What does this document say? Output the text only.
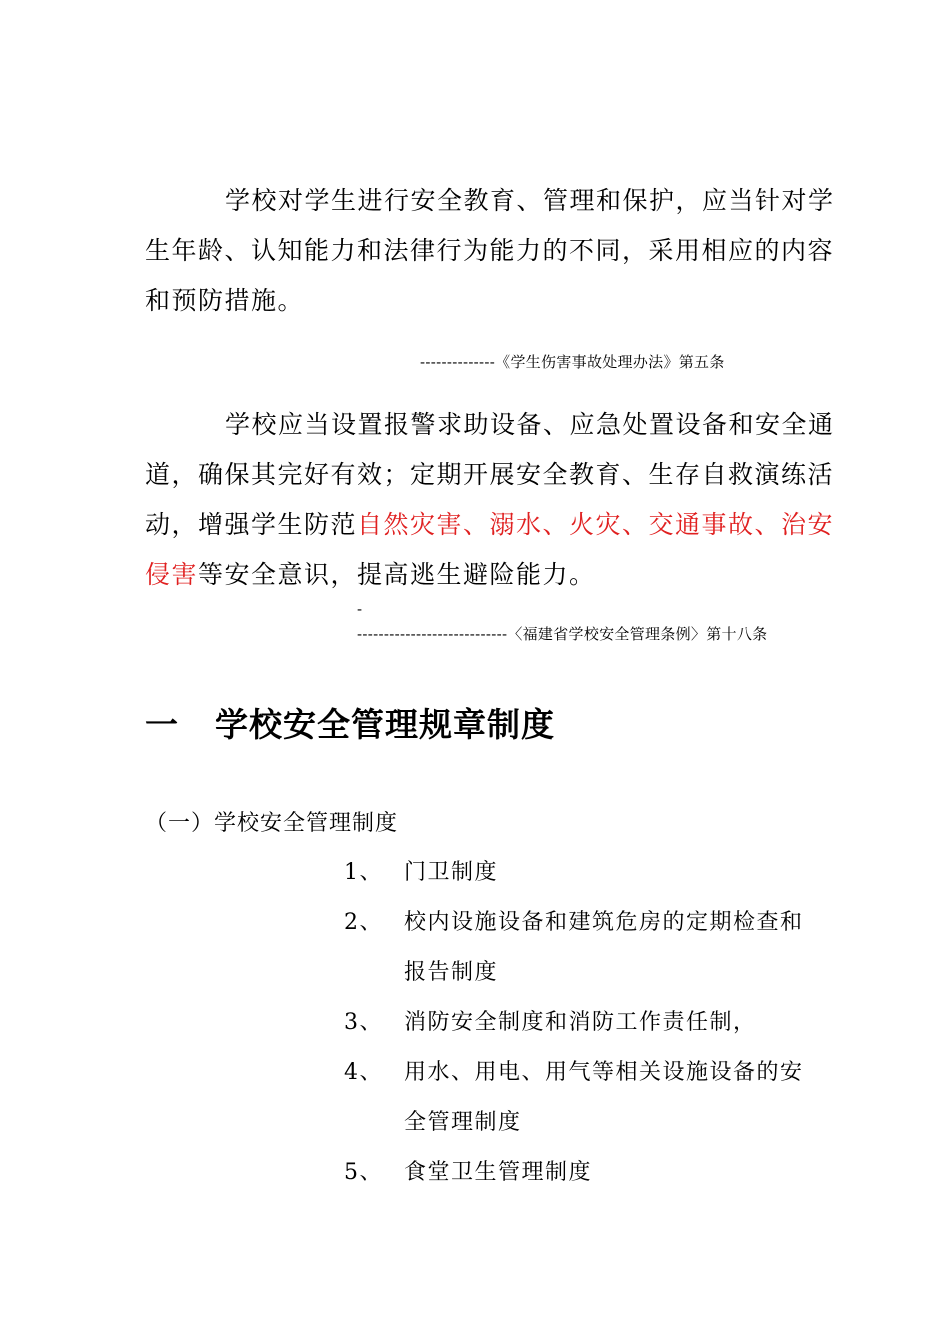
学校对学生进行安全教育、管理和保护，应当针对学生年龄、认知能力和法律行为能力的不同，采用相应的内容和预防措施。

--------------《学生伤害事故处理办法》第五条

学校应当设置报警求助设备、应急处置设备和安全通道，确保其完好有效；定期开展安全教育、生存自救演练活动，增强学生防范自然灾害、溺水、火灾、交通事故、治安侵害等安全意识，提高逃生避险能力。

-
----------------------------〈福建省学校安全管理条例〉第十八条
一 学校安全管理规章制度
（一）学校安全管理制度
1、 门卫制度
2、 校内设施设备和建筑危房的定期检查和报告制度
3、 消防安全制度和消防工作责任制，
4、 用水、用电、用气等相关设施设备的安全管理制度
5、 食堂卫生管理制度
